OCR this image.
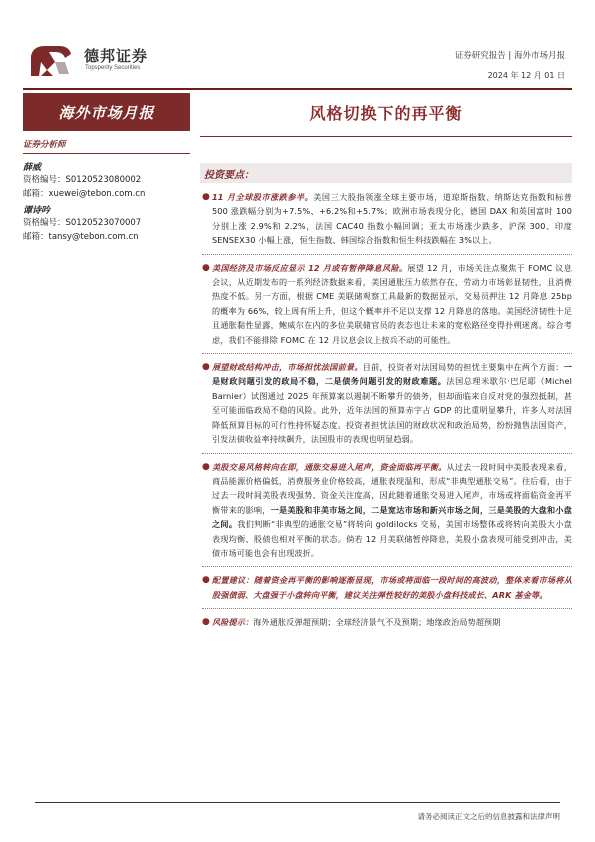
德邦证券
Topsperity Securities
证券研究报告 | 海外市场月报
2024 年 12 月 01 日
海外市场月报	风格切换下的再平衡
证券分析师
薛威
资格编号：S0120523080002
邮箱：xuewei@tebon.com.cn
谭诗吟
资格编号：S0120523070007
邮箱：tansy@tebon.com.cn
投资要点：
● 11 月全球股市涨跌参半。美国三大股指领涨全球主要市场，道琼斯指数、纳斯达克指数和标普 500 涨跌幅分别为+7.5%、+6.2%和+5.7%；欧洲市场表现分化，德国 DAX 和英国富时 100 分别上涨 2.9%和 2.2%，法国 CAC40 指数小幅回调；亚太市场涨少跌多，沪深 300、印度 SENSEX30 小幅上涨，恒生指数、韩国综合指数和恒生科技跌幅在 3%以上。
● 美国经济及市场反应显示 12 月或有暂停降息风险。展望 12 月，市场关注点聚焦于 FOMC 议息会议，从近期发布的一系列经济数据来看，美国通胀压力依然存在，劳动力市场彰显韧性，且消费热度不低。另一方面，根据 CME 美联储观察工具最新的数据显示，交易员押注 12 月降息 25bp 的概率为 66%，较上周有所上升，但这个概率并不足以支撑 12 月降息的落地。美国经济韧性十足且通胀黏性显露，鲍威尔在内的多位美联储官员的表态也让未来的宽松路径变得扑朔迷离。综合考虑，我们不能排除 FOMC 在 12 月议息会议上按兵不动的可能性。
● 展望财政结构冲击，市场担忧法国前景。目前，投资者对法国局势的担忧主要集中在两个方面：一是财政问题引发的政局不稳，二是债务问题引发的财政难题。法国总理米歇尔·巴尼耶（Michel Barnier）试图通过 2025 年预算案以遏制不断攀升的债务，但却面临来自反对党的强烈抵制，甚至可能面临政局不稳的风险。此外，近年法国的预算赤字占 GDP 的比重明显攀升，许多人对法国降低预算目标的可行性持怀疑态度。投资者担忧法国的财政状况和政治局势，纷纷抛售法国资产，引发法债收益率持续飙升，法国股市的表现也明显趋弱。
● 美股交易风格转向在即，通胀交易进入尾声，资金面临再平衡。从过去一段时间中美股表现来看，商品能源价格偏低，消费服务业价格较高，通胀表现温和，形成“非典型通胀交易”。往后看，由于过去一段时间美股表现强势、资金关注度高，因此随着通胀交易进入尾声，市场或将面临资金再平衡带来的影响，一是美股和非美市场之间，二是宽达市场和新兴市场之间，三是美股的大盘和小盘之间。我们判断“非典型的通胀交易”将转向 goldilocks 交易，美国市场整体或将转向美股大小盘表现均衡、股债也相对平衡的状态。倘若 12 月美联储暂停降息，美股小盘表现可能受到冲击，美债市场可能也会有出现波折。
● 配置建议：随着资金再平衡的影响逐渐显现，市场或将面临一段时间的高波动，整体来看市场将从股强债弱、大盘强于小盘转向平衡，建议关注弹性较好的美股小盘科技成长、ARK 基金等。
● 风险提示：海外通胀反弹超预期；全球经济景气不及预期；地缘政治局势超预期
请务必阅读正文之后的信息披露和法律声明
